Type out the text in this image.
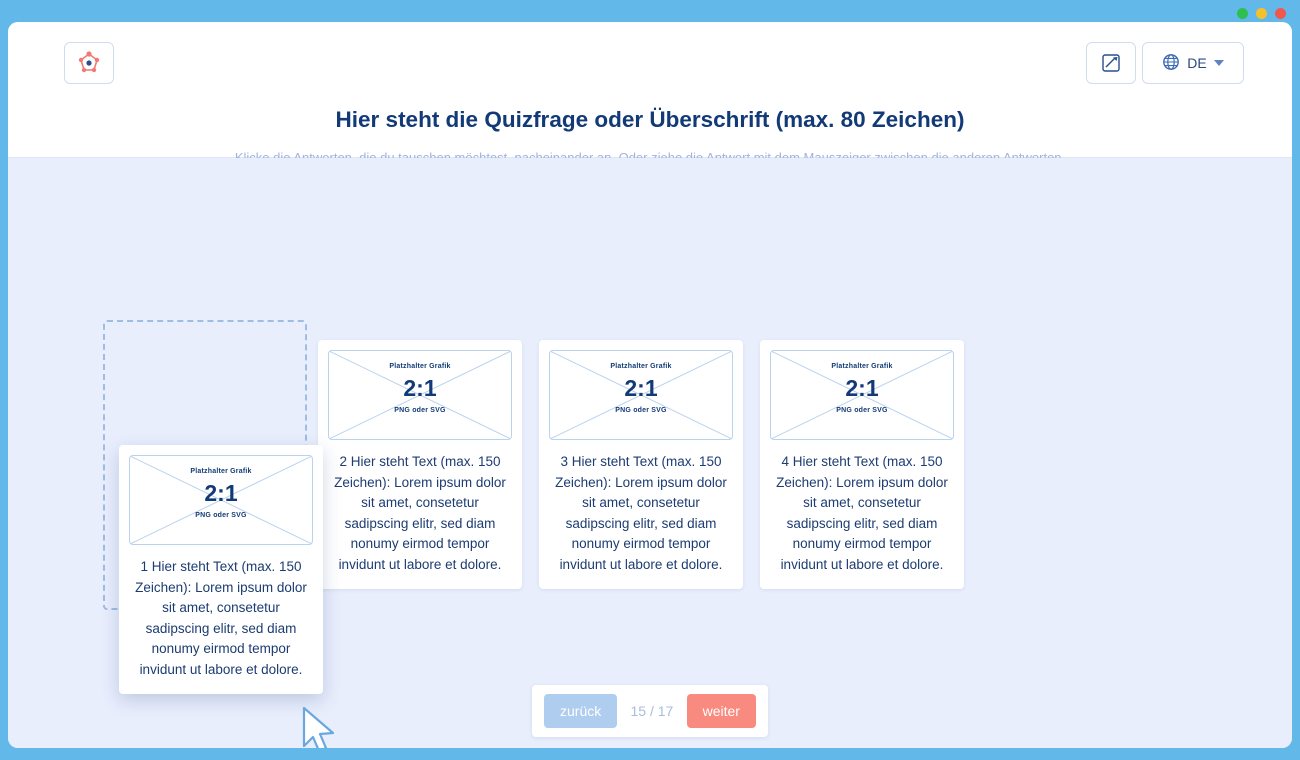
DE
Hier steht die Quizfrage oder Überschrift (max. 80 Zeichen)
Platzhalter Grafik
2:1
PNG oder SVG
1 Hier steht Text (max. 150 Zeichen): Lorem ipsum dolor sit amet, consetetur sadipscing elitr, sed diam nonumy eirmod tempor invidunt ut labore et dolore.
Platzhalter Grafik
2:1
PNG oder SVG
2 Hier steht Text (max. 150 Zeichen): Lorem ipsum dolor sit amet, consetetur sadipscing elitr, sed diam nonumy eirmod tempor invidunt ut labore et dolore.
Platzhalter Grafik
2:1
PNG oder SVG
3 Hier steht Text (max. 150 Zeichen): Lorem ipsum dolor sit amet, consetetur sadipscing elitr, sed diam nonumy eirmod tempor invidunt ut labore et dolore.
Platzhalter Grafik
2:1
PNG oder SVG
4 Hier steht Text (max. 150 Zeichen): Lorem ipsum dolor sit amet, consetetur sadipscing elitr, sed diam nonumy eirmod tempor invidunt ut labore et dolore.
zurück	15 / 17	weiter
